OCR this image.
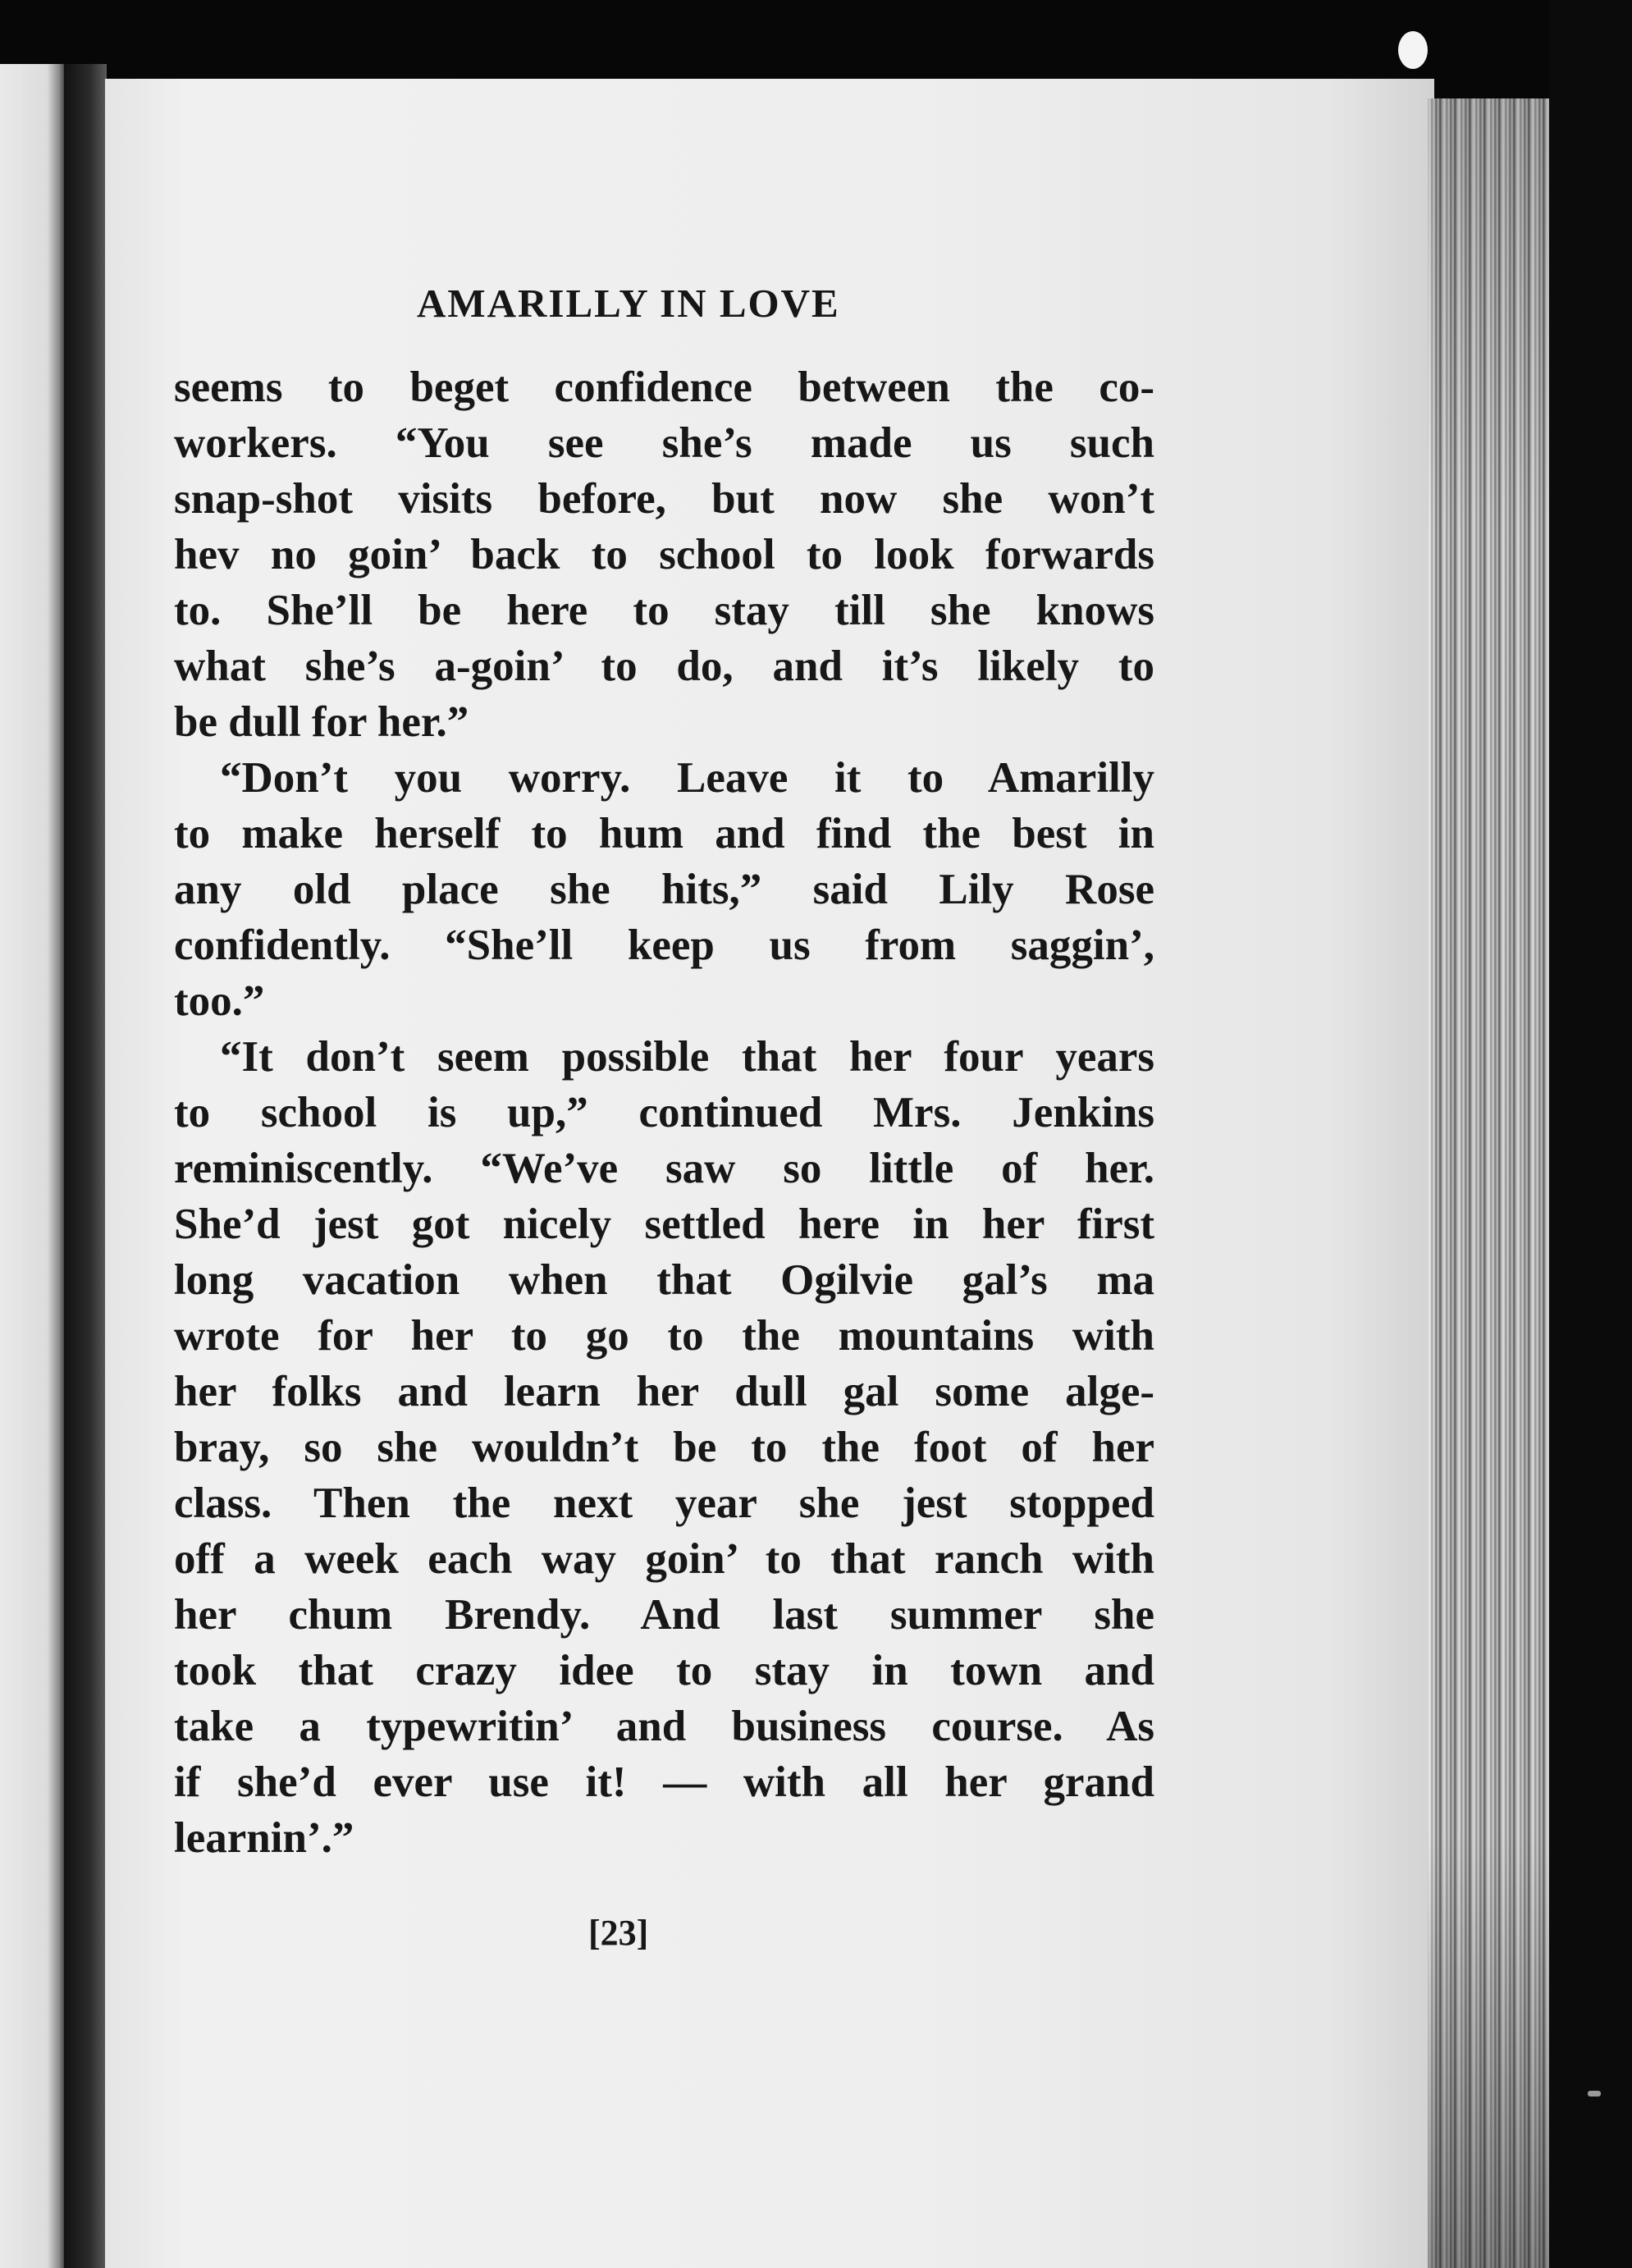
AMARILLY IN LOVE
seems to beget confidence between the co-
workers. “You see she’s made us such
snap-shot visits before, but now she won’t
hev no goin’ back to school to look forwards
to. She’ll be here to stay till she knows
what she’s a-goin’ to do, and it’s likely to
be dull for her.”
“Don’t you worry. Leave it to Amarilly
to make herself to hum and find the best in
any old place she hits,” said Lily Rose
confidently. “She’ll keep us from saggin’,
too.”
“It don’t seem possible that her four years
to school is up,” continued Mrs. Jenkins
reminiscently. “We’ve saw so little of her.
She’d jest got nicely settled here in her first
long vacation when that Ogilvie gal’s ma
wrote for her to go to the mountains with
her folks and learn her dull gal some alge-
bray, so she wouldn’t be to the foot of her
class. Then the next year she jest stopped
off a week each way goin’ to that ranch with
her chum Brendy. And last summer she
took that crazy idee to stay in town and
take a typewritin’ and business course. As
if she’d ever use it! — with all her grand
learnin’.”
[23]
